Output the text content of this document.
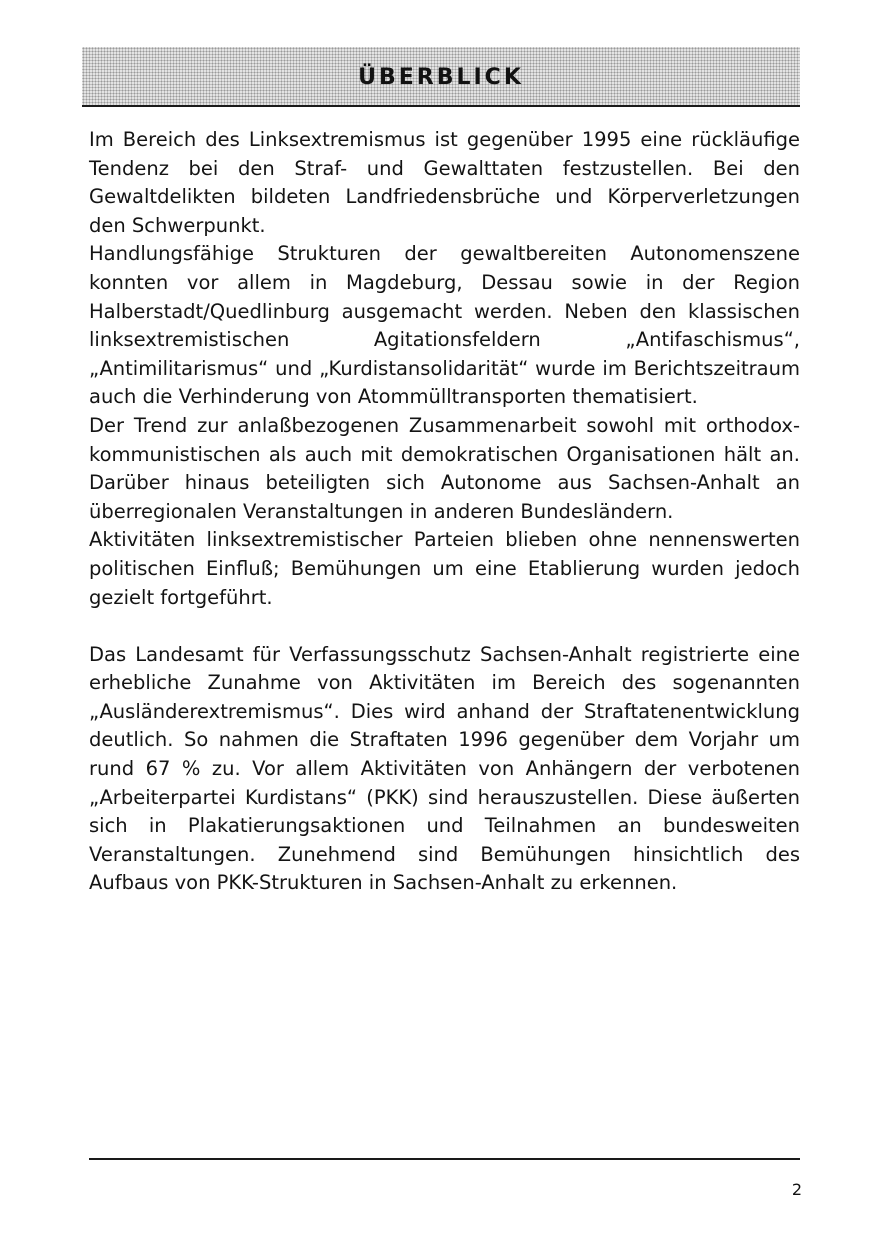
ÜBERBLICK

Im Bereich des Linksextremismus ist gegenüber 1995 eine rückläufige Tendenz bei den Straf- und Gewalttaten festzustellen. Bei den Gewaltdelikten bildeten Landfriedensbrüche und Körperverletzungen den Schwerpunkt.

Handlungsfähige Strukturen der gewaltbereiten Autonomenszene konnten vor allem in Magdeburg, Dessau sowie in der Region Halberstadt/Quedlinburg ausgemacht werden. Neben den klassischen linksextremistischen Agitationsfeldern „Antifaschismus“, „Antimilitarismus“ und „Kurdistansolidarität“ wurde im Berichtszeitraum auch die Verhinderung von Atommülltransporten thematisiert.

Der Trend zur anlaßbezogenen Zusammenarbeit sowohl mit orthodox-kommunistischen als auch mit demokratischen Organisationen hält an. Darüber hinaus beteiligten sich Autonome aus Sachsen-Anhalt an überregionalen Veranstaltungen in anderen Bundesländern.

Aktivitäten linksextremistischer Parteien blieben ohne nennenswerten politischen Einfluß; Bemühungen um eine Etablierung wurden jedoch gezielt fortgeführt.

Das Landesamt für Verfassungsschutz Sachsen-Anhalt registrierte eine erhebliche Zunahme von Aktivitäten im Bereich des sogenannten „Ausländerextremismus“. Dies wird anhand der Straftatenentwicklung deutlich. So nahmen die Straftaten 1996 gegenüber dem Vorjahr um rund 67 % zu. Vor allem Aktivitäten von Anhängern der verbotenen „Arbeiterpartei Kurdistans“ (PKK) sind herauszustellen. Diese äußerten sich in Plakatierungsaktionen und Teilnahmen an bundesweiten Veranstaltungen. Zunehmend sind Bemühungen hinsichtlich des Aufbaus von PKK-Strukturen in Sachsen-Anhalt zu erkennen.

2
